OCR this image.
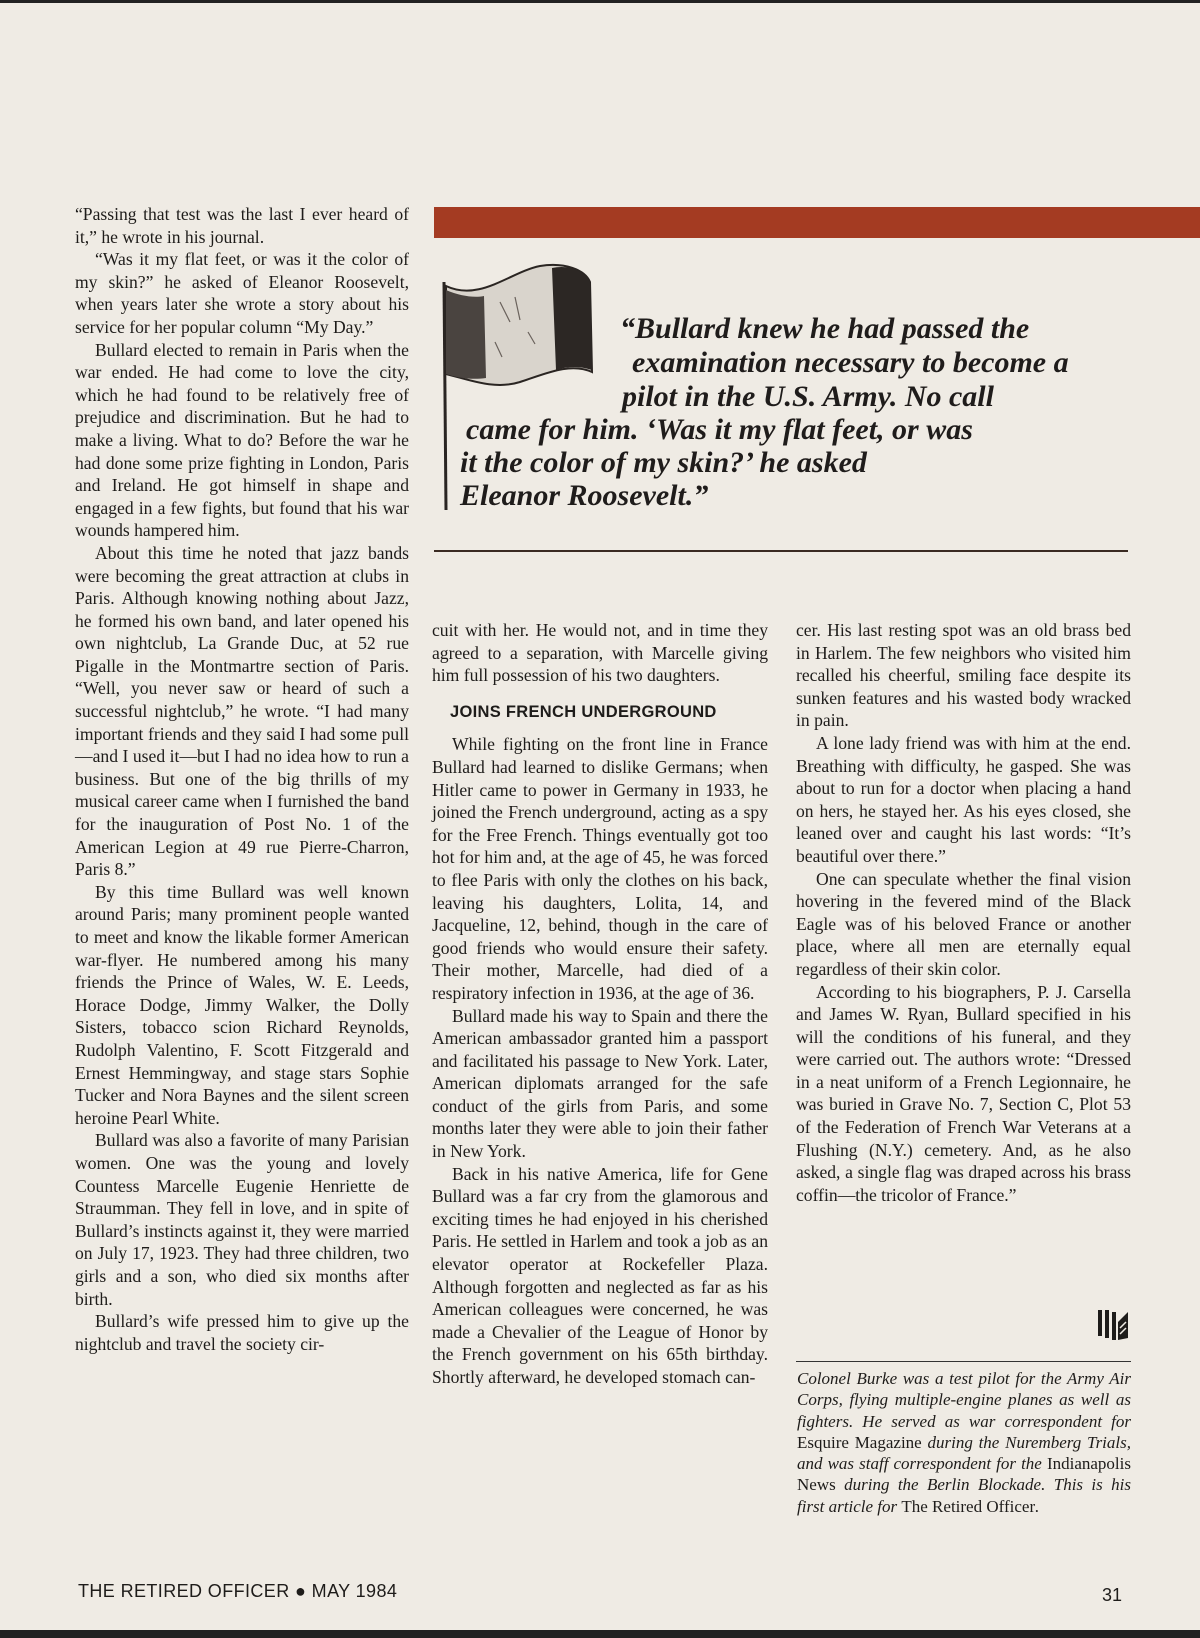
“Passing that test was the last I ever heard of it,” he wrote in his journal.

“Was it my flat feet, or was it the color of my skin?” he asked of Eleanor Roosevelt, when years later she wrote a story about his service for her popular column “My Day.”

Bullard elected to remain in Paris when the war ended. He had come to love the city, which he had found to be relatively free of prejudice and discrimination. But he had to make a living. What to do? Before the war he had done some prize fighting in London, Paris and Ireland. He got himself in shape and engaged in a few fights, but found that his war wounds hampered him.

About this time he noted that jazz bands were becoming the great attraction at clubs in Paris. Although knowing nothing about Jazz, he formed his own band, and later opened his own nightclub, La Grande Duc, at 52 rue Pigalle in the Montmartre section of Paris. “Well, you never saw or heard of such a successful nightclub,” he wrote. “I had many important friends and they said I had some pull—and I used it—but I had no idea how to run a business. But one of the big thrills of my musical career came when I furnished the band for the inauguration of Post No. 1 of the American Legion at 49 rue Pierre-Charron, Paris 8.”

By this time Bullard was well known around Paris; many prominent people wanted to meet and know the likable former American war-flyer. He numbered among his many friends the Prince of Wales, W. E. Leeds, Horace Dodge, Jimmy Walker, the Dolly Sisters, tobacco scion Richard Reynolds, Rudolph Valentino, F. Scott Fitzgerald and Ernest Hemmingway, and stage stars Sophie Tucker and Nora Baynes and the silent screen heroine Pearl White.

Bullard was also a favorite of many Parisian women. One was the young and lovely Countess Marcelle Eugenie Henriette de Straumman. They fell in love, and in spite of Bullard’s instincts against it, they were married on July 17, 1923. They had three children, two girls and a son, who died six months after birth.

Bullard’s wife pressed him to give up the nightclub and travel the society cir-

“Bullard knew he had passed the
examination necessary to become a
pilot in the U.S. Army. No call
came for him. ‘Was it my flat feet, or was
it the color of my skin?’ he asked
Eleanor Roosevelt.”

cuit with her. He would not, and in time they agreed to a separation, with Marcelle giving him full possession of his two daughters.

JOINS FRENCH UNDERGROUND

While fighting on the front line in France Bullard had learned to dislike Germans; when Hitler came to power in Germany in 1933, he joined the French underground, acting as a spy for the Free French. Things eventually got too hot for him and, at the age of 45, he was forced to flee Paris with only the clothes on his back, leaving his daughters, Lolita, 14, and Jacqueline, 12, behind, though in the care of good friends who would ensure their safety. Their mother, Marcelle, had died of a respiratory infection in 1936, at the age of 36.

Bullard made his way to Spain and there the American ambassador granted him a passport and facilitated his passage to New York. Later, American diplomats arranged for the safe conduct of the girls from Paris, and some months later they were able to join their father in New York.

Back in his native America, life for Gene Bullard was a far cry from the glamorous and exciting times he had enjoyed in his cherished Paris. He settled in Harlem and took a job as an elevator operator at Rockefeller Plaza. Although forgotten and neglected as far as his American colleagues were concerned, he was made a Chevalier of the League of Honor by the French government on his 65th birthday. Shortly afterward, he developed stomach can-

cer. His last resting spot was an old brass bed in Harlem. The few neighbors who visited him recalled his cheerful, smiling face despite its sunken features and his wasted body wracked in pain.

A lone lady friend was with him at the end. Breathing with difficulty, he gasped. She was about to run for a doctor when placing a hand on hers, he stayed her. As his eyes closed, she leaned over and caught his last words: “It’s beautiful over there.”

One can speculate whether the final vision hovering in the fevered mind of the Black Eagle was of his beloved France or another place, where all men are eternally equal regardless of their skin color.

According to his biographers, P. J. Carsella and James W. Ryan, Bullard specified in his will the conditions of his funeral, and they were carried out. The authors wrote: “Dressed in a neat uniform of a French Legionnaire, he was buried in Grave No. 7, Section C, Plot 53 of the Federation of French War Veterans at a Flushing (N.Y.) cemetery. And, as he also asked, a single flag was draped across his brass coffin—the tricolor of France.”

Colonel Burke was a test pilot for the Army Air Corps, flying multiple-engine planes as well as fighters. He served as war correspondent for Esquire Magazine during the Nuremberg Trials, and was staff correspondent for the Indianapolis News during the Berlin Blockade. This is his first article for The Retired Officer.
THE RETIRED OFFICER ● MAY 1984	31
